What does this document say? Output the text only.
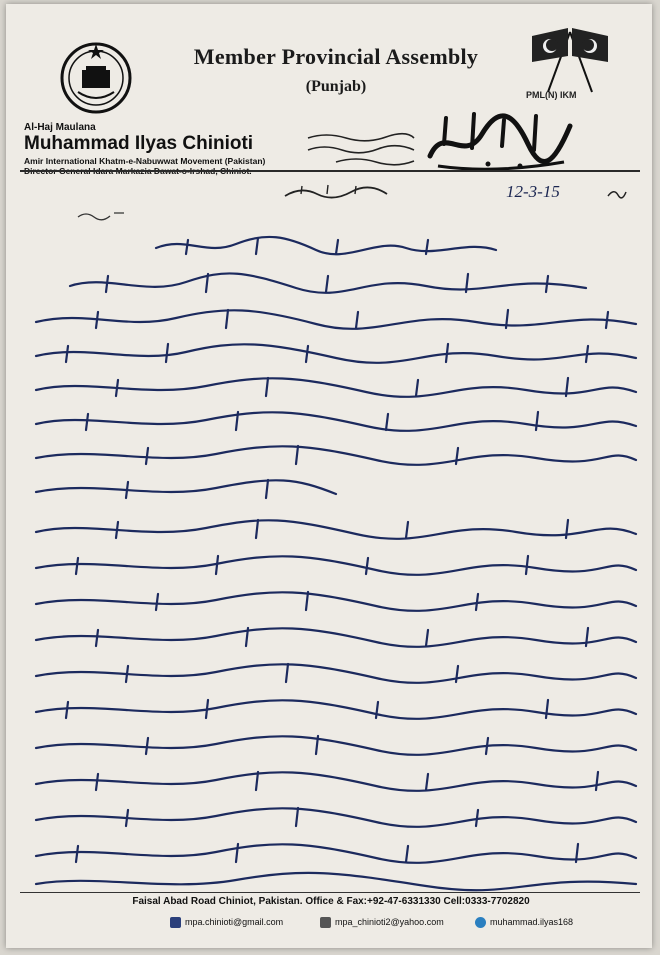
PML(N) IKM
Member Provincial Assembly
(Punjab)
Al-Haj Maulana
Muhammad Ilyas Chinioti
Amir International Khatm-e-Nabuwwat Movement (Pakistan)
12-3-15
Faisal Abad Road Chiniot, Pakistan. Office & Fax:+92-47-6331330 Cell:0333-7702820
mpa.chinioti@gmail.com	mpa_chinioti2@yahoo.com	muhammad.ilyas168
